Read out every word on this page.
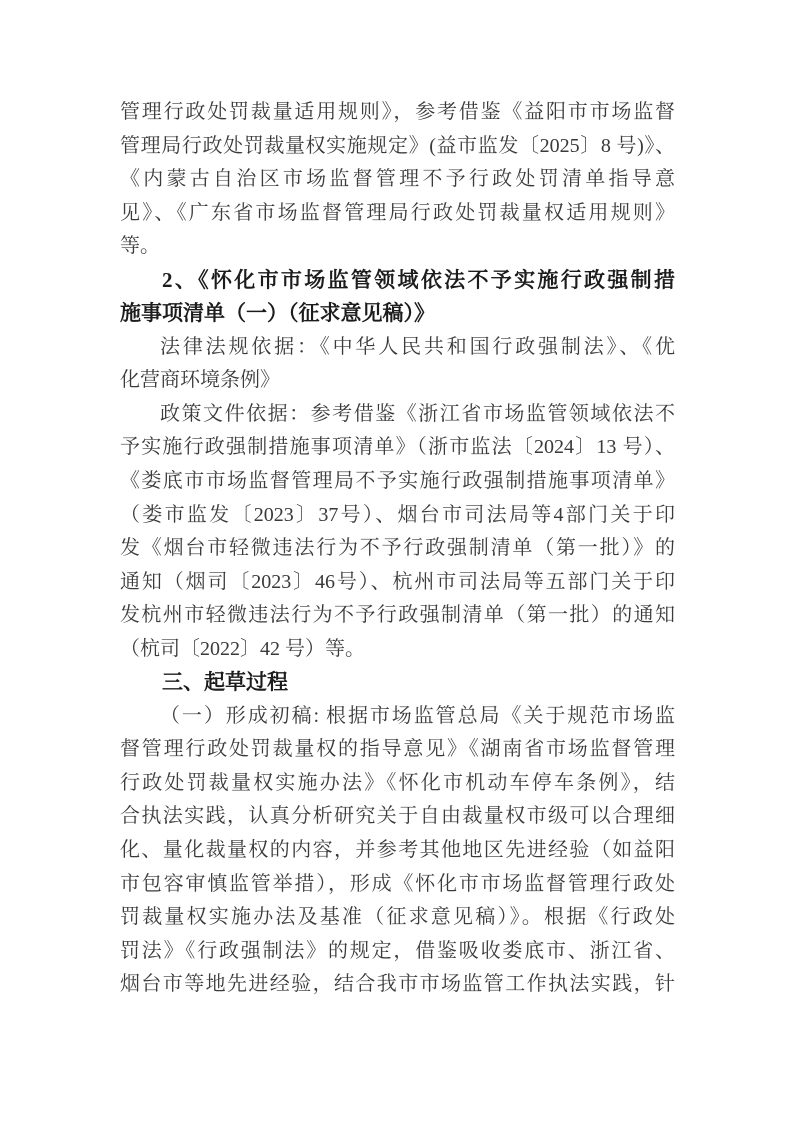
管理行政处罚裁量适用规则》，参考借鉴《益阳市市场监督
管理局行政处罚裁量权实施规定》(益市监发〔2025〕8 号)》、
《内蒙古自治区市场监督管理不予行政处罚清单指导意
见》、《广东省市场监督管理局行政处罚裁量权适用规则》
等。
2、《怀化市市场监管领域依法不予实施行政强制措
施事项清单（一）（征求意见稿）》
法律法规依据：《中华人民共和国行政强制法》、《优
化营商环境条例》
政策文件依据：参考借鉴《浙江省市场监管领域依法不
予实施行政强制措施事项清单》（浙市监法〔2024〕13 号）、
《娄底市市场监督管理局不予实施行政强制措施事项清单》
（娄市监发〔2023〕37号）、烟台市司法局等4部门关于印
发《烟台市轻微违法行为不予行政强制清单（第一批）》的
通知（烟司〔2023〕46号）、杭州市司法局等五部门关于印
发杭州市轻微违法行为不予行政强制清单（第一批）的通知
（杭司〔2022〕42 号）等。
三、起草过程
（一）形成初稿: 根据市场监管总局《关于规范市场监
督管理行政处罚裁量权的指导意见》《湖南省市场监督管理
行政处罚裁量权实施办法》《怀化市机动车停车条例》，结
合执法实践，认真分析研究关于自由裁量权市级可以合理细
化、量化裁量权的内容，并参考其他地区先进经验（如益阳
市包容审慎监管举措），形成《怀化市市场监督管理行政处
罚裁量权实施办法及基准（征求意见稿）》。根据《行政处
罚法》《行政强制法》的规定，借鉴吸收娄底市、浙江省、
烟台市等地先进经验，结合我市市场监管工作执法实践，针
